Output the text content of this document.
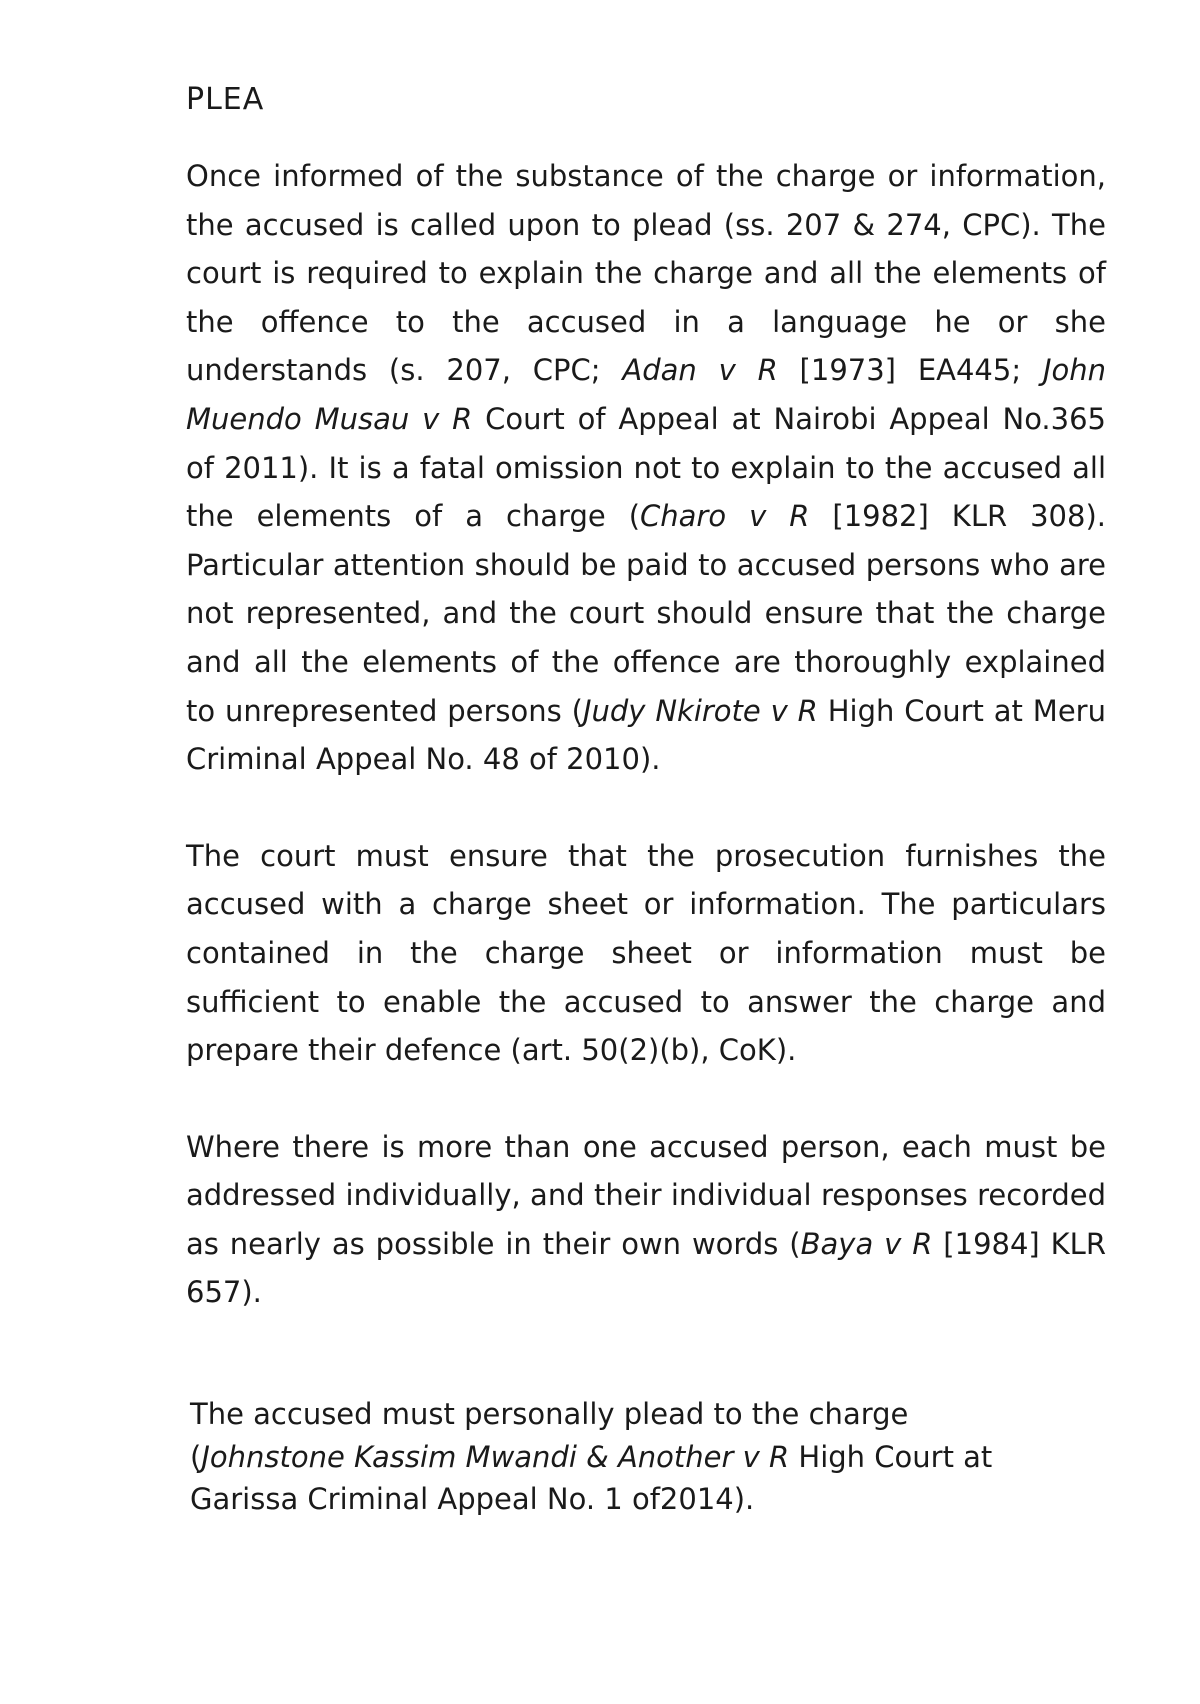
PLEA

Once informed of the substance of the charge or information, the accused is called upon to plead (ss. 207 & 274, CPC). The court is required to explain the charge and all the elements of the offence to the accused in a language he or she understands (s. 207, CPC; Adan v R [1973] EA445; John Muendo Musau v R Court of Appeal at Nairobi Appeal No.365 of 2011). It is a fatal omission not to explain to the accused all the elements of a charge (Charo v R [1982] KLR 308). Particular attention should be paid to accused persons who are not represented, and the court should ensure that the charge and all the elements of the offence are thoroughly explained to unrepresented persons (Judy Nkirote v R High Court at Meru Criminal Appeal No. 48 of 2010).

The court must ensure that the prosecution furnishes the accused with a charge sheet or information. The particulars contained in the charge sheet or information must be sufficient to enable the accused to answer the charge and prepare their defence (art. 50(2)(b), CoK).

Where there is more than one accused person, each must be addressed individually, and their individual responses recorded as nearly as possible in their own words (Baya v R [1984] KLR 657).

The accused must personally plead to the charge (Johnstone Kassim Mwandi & Another v R High Court at Garissa Criminal Appeal No. 1 of2014).
